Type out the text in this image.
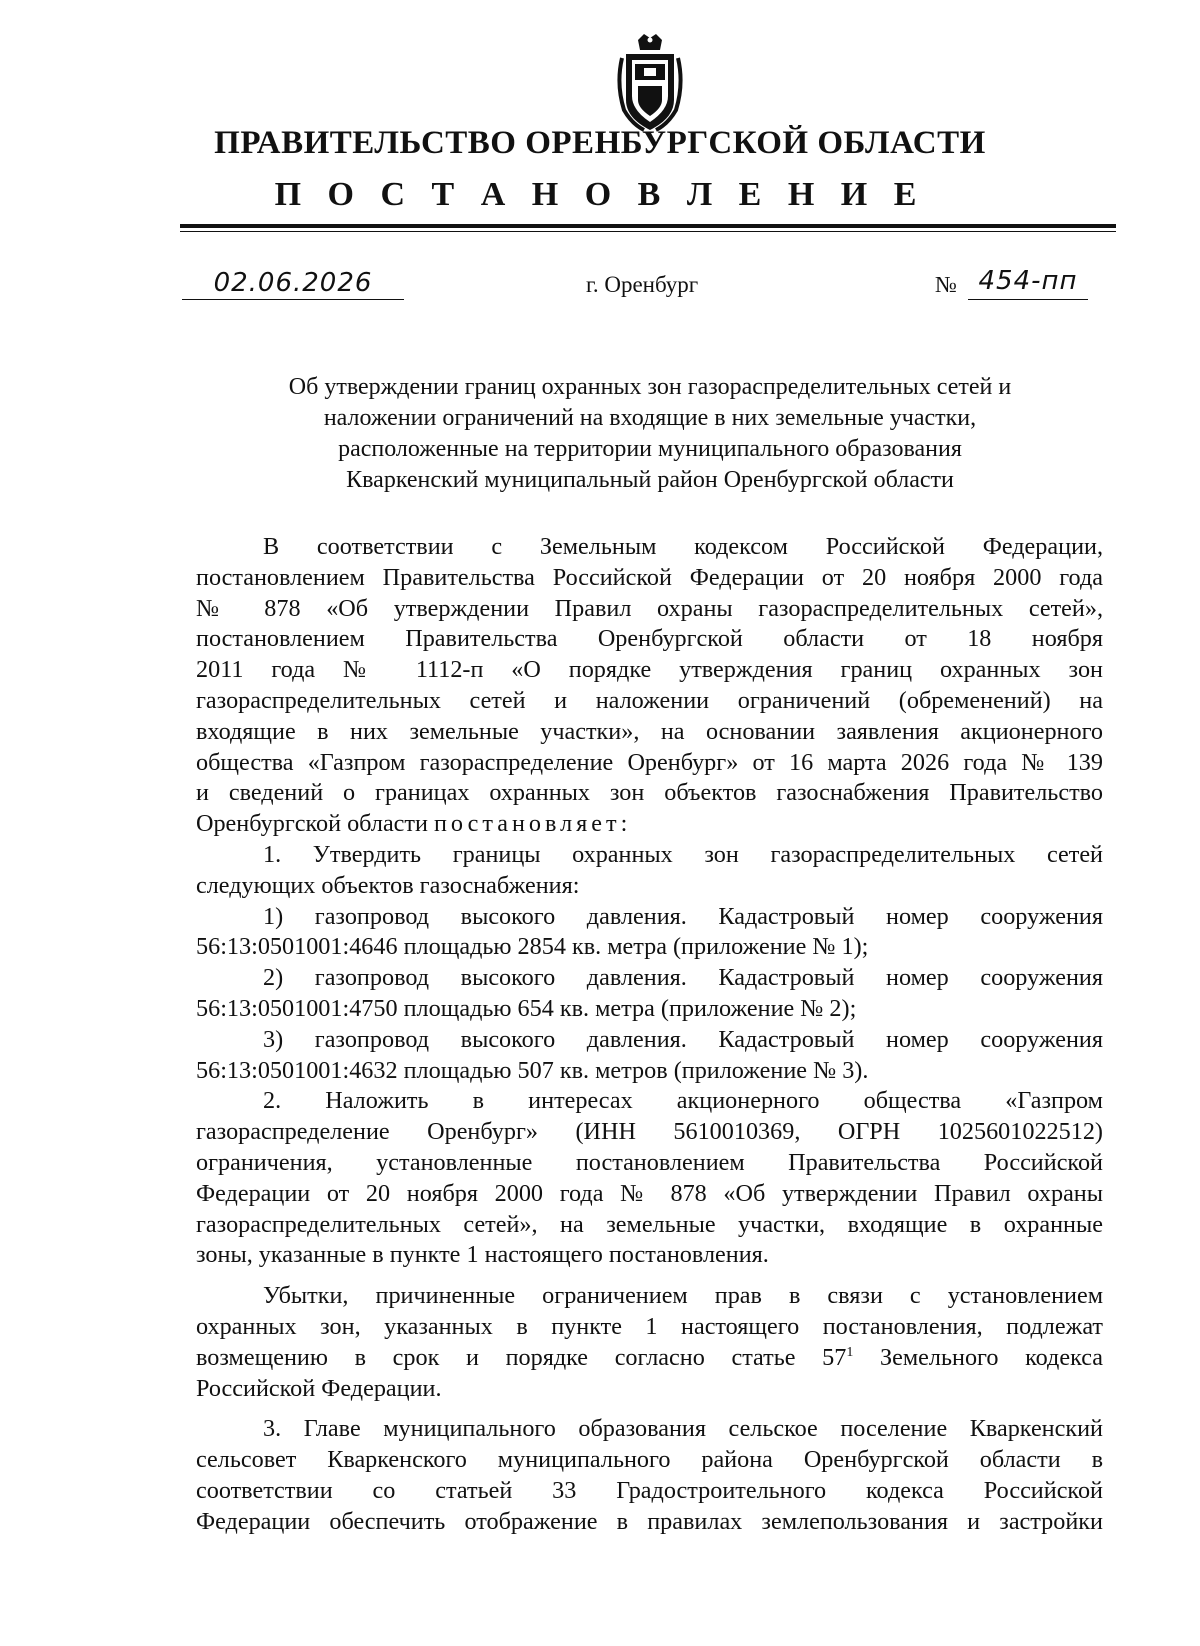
ПРАВИТЕЛЬСТВО ОРЕНБУРГСКОЙ ОБЛАСТИ
П О С Т А Н О В Л Е Н И Е
02.06.2026	г. Оренбург	№ 454-пп
Об утверждении границ охранных зон газораспределительных сетей и
наложении ограничений на входящие в них земельные участки,
расположенные на территории муниципального образования
Кваркенский муниципальный район Оренбургской области
В соответствии с Земельным кодексом Российской Федерации,
постановлением Правительства Российской Федерации от 20 ноября 2000 года
№ 878 «Об утверждении Правил охраны газораспределительных сетей»,
постановлением Правительства Оренбургской области от 18 ноября
2011 года № 1112-п «О порядке утверждения границ охранных зон
газораспределительных сетей и наложении ограничений (обременений) на
входящие в них земельные участки», на основании заявления акционерного
общества «Газпром газораспределение Оренбург» от 16 марта 2026 года № 139
и сведений о границах охранных зон объектов газоснабжения Правительство
Оренбургской области постановляет:
1. Утвердить границы охранных зон газораспределительных сетей
следующих объектов газоснабжения:
1) газопровод высокого давления. Кадастровый номер сооружения
56:13:0501001:4646 площадью 2854 кв. метра (приложение № 1);
2) газопровод высокого давления. Кадастровый номер сооружения
56:13:0501001:4750 площадью 654 кв. метра (приложение № 2);
3) газопровод высокого давления. Кадастровый номер сооружения
56:13:0501001:4632 площадью 507 кв. метров (приложение № 3).
2. Наложить в интересах акционерного общества «Газпром
газораспределение Оренбург» (ИНН 5610010369, ОГРН 1025601022512)
ограничения, установленные постановлением Правительства Российской
Федерации от 20 ноября 2000 года № 878 «Об утверждении Правил охраны
газораспределительных сетей», на земельные участки, входящие в охранные
зоны, указанные в пункте 1 настоящего постановления.
Убытки, причиненные ограничением прав в связи с установлением
охранных зон, указанных в пункте 1 настоящего постановления, подлежат
возмещению в срок и порядке согласно статье $57^1$ Земельного кодекса
Российской Федерации.
3. Главе муниципального образования сельское поселение Кваркенский
сельсовет Кваркенского муниципального района Оренбургской области в
соответствии со статьей 33 Градостроительного кодекса Российской
Федерации обеспечить отображение в правилах землепользования и застройки
